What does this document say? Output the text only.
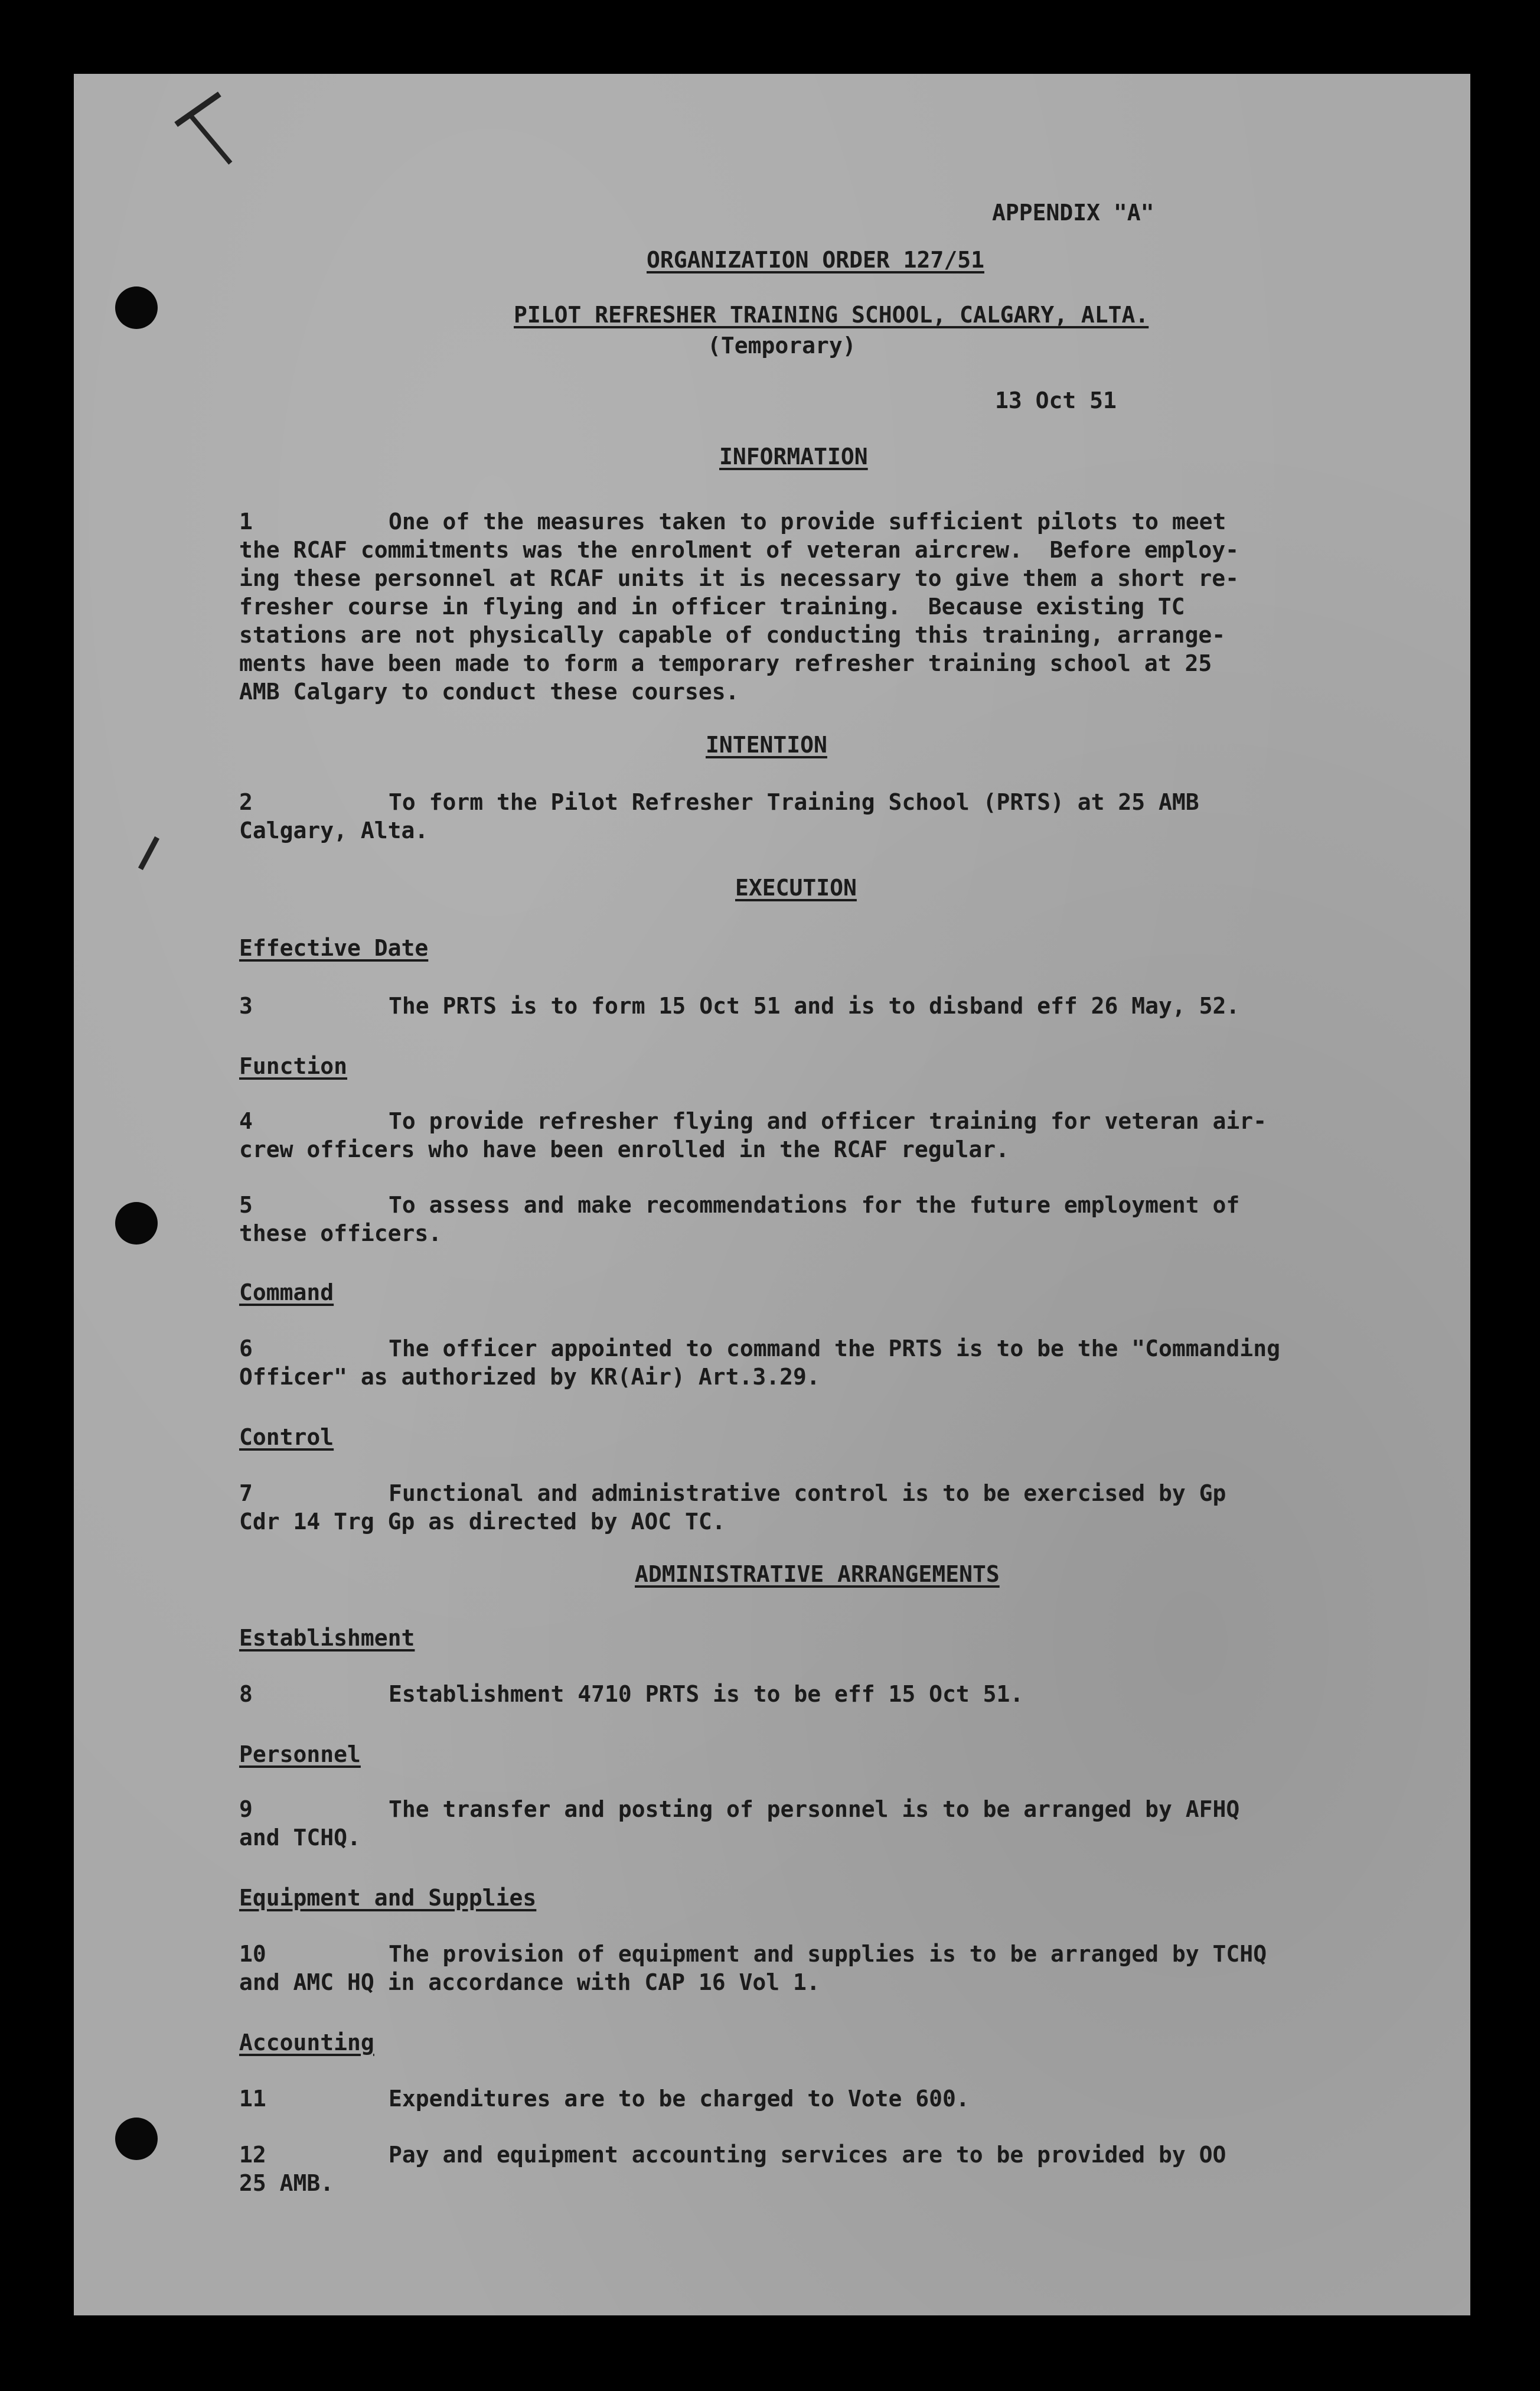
APPENDIX "A"
ORGANIZATION ORDER 127/51
PILOT REFRESHER TRAINING SCHOOL, CALGARY, ALTA.
(Temporary)
13 Oct 51
INFORMATION
1	One of the measures taken to provide sufficient pilots to meet
the RCAF commitments was the enrolment of veteran aircrew.  Before employ-
ing these personnel at RCAF units it is necessary to give them a short re-
fresher course in flying and in officer training.  Because existing TC
stations are not physically capable of conducting this training, arrange-
ments have been made to form a temporary refresher training school at 25
AMB Calgary to conduct these courses.
INTENTION
2	To form the Pilot Refresher Training School (PRTS) at 25 AMB
Calgary, Alta.
EXECUTION
Effective Date
3	The PRTS is to form 15 Oct 51 and is to disband eff 26 May, 52.
Function
4	To provide refresher flying and officer training for veteran air-
crew officers who have been enrolled in the RCAF regular.
5	To assess and make recommendations for the future employment of
these officers.
Command
6	The officer appointed to command the PRTS is to be the "Commanding
Officer" as authorized by KR(Air) Art.3.29.
Control
7	Functional and administrative control is to be exercised by Gp
Cdr 14 Trg Gp as directed by AOC TC.
ADMINISTRATIVE ARRANGEMENTS
Establishment
8	Establishment 4710 PRTS is to be eff 15 Oct 51.
Personnel
9	The transfer and posting of personnel is to be arranged by AFHQ
and TCHQ.
Equipment and Supplies
10	The provision of equipment and supplies is to be arranged by TCHQ
and AMC HQ in accordance with CAP 16 Vol 1.
Accounting
11	Expenditures are to be charged to Vote 600.
12	Pay and equipment accounting services are to be provided by OO
25 AMB.
